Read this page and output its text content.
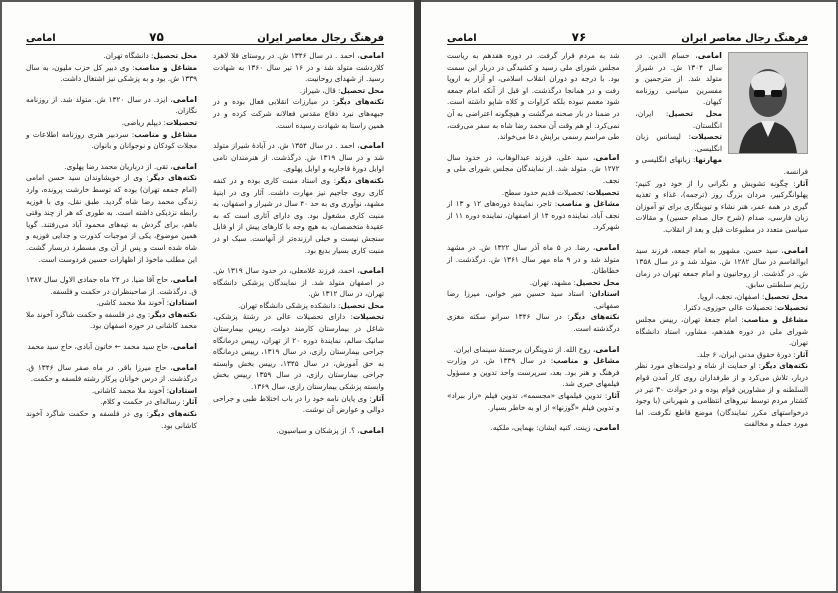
فرهنگ رجال معاصر ایران
۷۵
امامی
امامی، احمد . در سال ۱۳۴۶ ش. در روستای قلا لاهرد کلاردشت متولد شد و در ۱۶ تیر سال ۱۳۶۰ به شهادت رسید. از شهدای روحانیت.
محل تحصیل: قال، شیراز.
تکته‌های دیگر: در مبارزات انقلابی فعال بوده و در جبهه‌های نبرد دفاع مقدس فعالانه شرکت کرده و در همین راستا به شهادت رسیده است.
امامی، احمد . در سال ۱۳۵۴ ش. در آبادهٔ شیراز متولد شد و در سال ۱۳۱۹ ش. درگذشت. از هنرمندان نامی اوایل دورهٔ قاجاریه و اوایل پهلوی.
نکته‌های دیگر: وی استاد منبت کاری بوده و در کنفه کاری روی جاجیم نیز مهارت داشت. آثار وی در ابنیهٔ مشهد، نوآوری وی به حد ۴۰ سال در شیراز و اصفهان، به منبت کاری مشغول بود. وی دارای آثاری است که به عقیدهٔ متخصصان، به هیچ وجه با کارهای پیش از او قابل سنجش نیست و خیلی ارزنده‌تر از آنهاست. سبک او در منبت کاری بسیار بدیع بود.
امامی، احمد، فرزند غلامعلی، در حدود سال ۱۳۱۹ ش. در اصفهان متولد شد. از نمایندگان پزشکی دانشگاه تهران، در سال ۱۳۱۲ ش.
محل تحصیل: دانشکده پزشکی دانشگاه تهران.
تحصیلات: دارای تحصیلات عالی در رشتهٔ پزشکی، شاغل در بیمارستان کارمند دولت، رییس بیمارستان سانیک سالم، نمایندهٔ دوره ۲۰ از تهران، رییس درمانگاه جراحی بیمارستان رازی، در سال ۱۳۱۹، رییس درمانگاه به حق آموزش، در سال ۱۳۴۵، رییس بخش وابسته جراحی بیمارستان رازی، در سال ۱۳۵۹ رییس بخش وابسته پزشکی بیمارستان رازی، سال ۱۳۶۹.
آثار: وی پایان نامه خود را در باب اختلاط طبی و جراحی دوالی و عوارض آن نوشت.
امامی، ؟. از پزشکان و سیاسیون.
محل تحصیل: دانشگاه تهران.
مشاغل و مناصب: وی دبیر کل حزب ملیون، به سال ۱۳۳۹ ش. بود و به پزشکی نیز اشتغال داشت.
امامی، ایزد. در سال ۱۳۲۰ ش. متولد شد. از روزنامه نگاران.
تحصیلات: دیپلم ریاضی.
مشاغل و مناصب: سردبیر هنری روزنامه اطلاعات و مجلات کودکان و نوجوانان و بانوان.
امامی، تقی. از درباریان محمد رضا پهلوی.
نکته‌های دیگر: وی از خویشاوندان سید حسن امامی (امام جمعه تهران) بوده که توسط خارشت پرونده، وارد زندگی محمد رضا شاه گردید. طبق نقل، وی با فوزیه رابطه نزدیکی داشته است. به طوری که هر از چند وقتی باهم، برای گردش به تپه‌های محمود آباد می‌رفتند. گویا همین موضوع، یکی از موجبات کدورت و جدایی فوزیه و شاه شده است و پس از آن وی مسطرد دربسار گشت. این مطلب ماخوذ از اظهارات حسین فردوست است.
امامی، حاج آقا ضیا. در ۲۴ ماه جمادی الاول سال ۱۳۸۷ ق. درگذشت. از صاحبنظران در حکمت و فلسفه.
استادان: آخوند ملا محمد کاشی.
نکته‌های دیگر: وی در فلسفه و حکمت شاگرد آخوند ملا محمد کاشانی در حوزه اصفهان بود.
امامی، حاج سید محمد ← خاتون آبادی، حاج سید محمد
امامی، حاج میرزا باقر. در ماه صفر سال ۱۳۴۶ ق. درگذشت. از درس خوانان پرکار رشته فلسفه و حکمت.
استادان: آخوند ملا محمد کاشانی.
آثار: رساله‌ای در حکمت و کلام.
نکته‌های دیگر: وی در فلسفه و حکمت شاگرد آخوند کاشانی بود.
فرهنگ رجال معاصر ایران
۷۶
امامی
امامی، حسام الدین. در سال ۱۳۰۴ ش. در شیراز متولد شد. از مترجمین و مفسرین سیاسی روزنامه کیهان.
محل تحصیل: ایران، انگلستان.
تحصیلات: لیسانس زبان انگلیسی.
مهارتها: زبانهای انگلیسی و فرانسه.
آثار: چگونه تشویش و نگرانی را از خود دور کنیم؛ پهلوانگرکبیر، مردان بزرگ روز (ترجمه)، غذاء و تغذیه گیری در همه عمر، هنر نشاء و تیوینگاری برای تو آموزان زبان فارسی، صدام (شرح حال صدام حسین) و مقالات سیاسی متعدد در مطبوعات قبل و بعد از انقلاب.
امامی، سید حسن. مشهور به امام جمعه، فرزند سید ابوالقاسم در سال ۱۲۸۲ ش. متولد شد و در سال ۱۳۵۸ ش. در گذشت. از روحانیون و امام جمعه تهران در زمان رژیم سلطنتی سابق.
محل تحصیل: اصفهان، نجف، اروپا.
تحصیلات: تحصیلات عالی حوزوی، دکترا.
مشاغل و مناصب: امام جمعهٔ تهران، رییس مجلس شورای ملی در دوره هفدهم، مشاور، استاد دانشگاه تهران.
آثار: دورهٔ حقوق مدنی ایران، ۶ جلد.
نکته‌های دیگر: او حمایت از شاه و دولت‌های مورد نظر دربار، تلاش می‌کرد و از طرفداران روی کار آمدن قوام السلطنه و از مشاورین قوام بوده و در حوادث ۳۰ تیر در کشتار مردم توسط نیروهای انتظامی و شهربانی (با وجود درخواستهای مکرر نمایندگان) موضع قاطع نگرفت. اما مورد حمله و مخالفت
شد به مردم قرار گرفت. در دوره هفدهم به ریاست مجلس شورای ملی رسید و کشیدگی در دربار این سمت بود. با درجه دو دوران انقلاب اسلامی، او آزار به اروپا رفت و در همانجا درگذشت. او قبل از آنکه امام جمعه شود معمم نبوده بلکه کراوات و کلاه شاپو داشته است. در ضمنا در بار صحنه مرگشت و هیچگونه اعتراضی به آن نمی‌کرد. او هم وقت آن محمد رضا شاه به سفر می‌رفت، طی مراسم رسمی برایش دعا می‌خواند.
امامی، سید علی. فرزند عبدالوهاب، در حدود سال ۱۲۷۲ ش. متولد شد. از نمایندگان مجلس شورای ملی و نجف.
تحصیلات: تحصیلات قدیم حدود سطح.
مشاغل و مناصب: تاجر، نمایندهٔ دوره‌های ۱۲ و ۱۳ از نجف آباد، نماینده دوره ۱۴ از اصفهان، نماینده دوره ۱۱ از شهرکرد.
امامی، رضا. در ۵ ماه آذر سال ۱۳۲۲ ش. در مشهد متولد شد و در ۹ ماه مهر سال ۱۳۶۱ ش. درگذشت. از خطاطان.
محل تحصیل: مشهد، تهران.
استادان: استاد سید حسین میر خوانی، میرزا رضا صفهانی.
نکته‌های دیگر: در سال ۱۳۴۶ سرانو سکته مغزی درگذشته است.
امامی، روح الله. از تدوینگران برجستهٔ سینمای ایران.
مشاغل و مناصب: در سال ۱۳۳۹ ش. در وزارت فرهنگ و هنر بود. بعد، سرپرست واحد تدوین و مسؤول فیلمهای خبری شد.
آثار: تدوین فیلمهای «مجسمه»، تدوین فیلم «راز ببراد» و تدوین فیلم «گوزنها» از او به خاطر بسیار.
امامی، زینت. کنیه ایشان: بهمایی، ملکیه.
